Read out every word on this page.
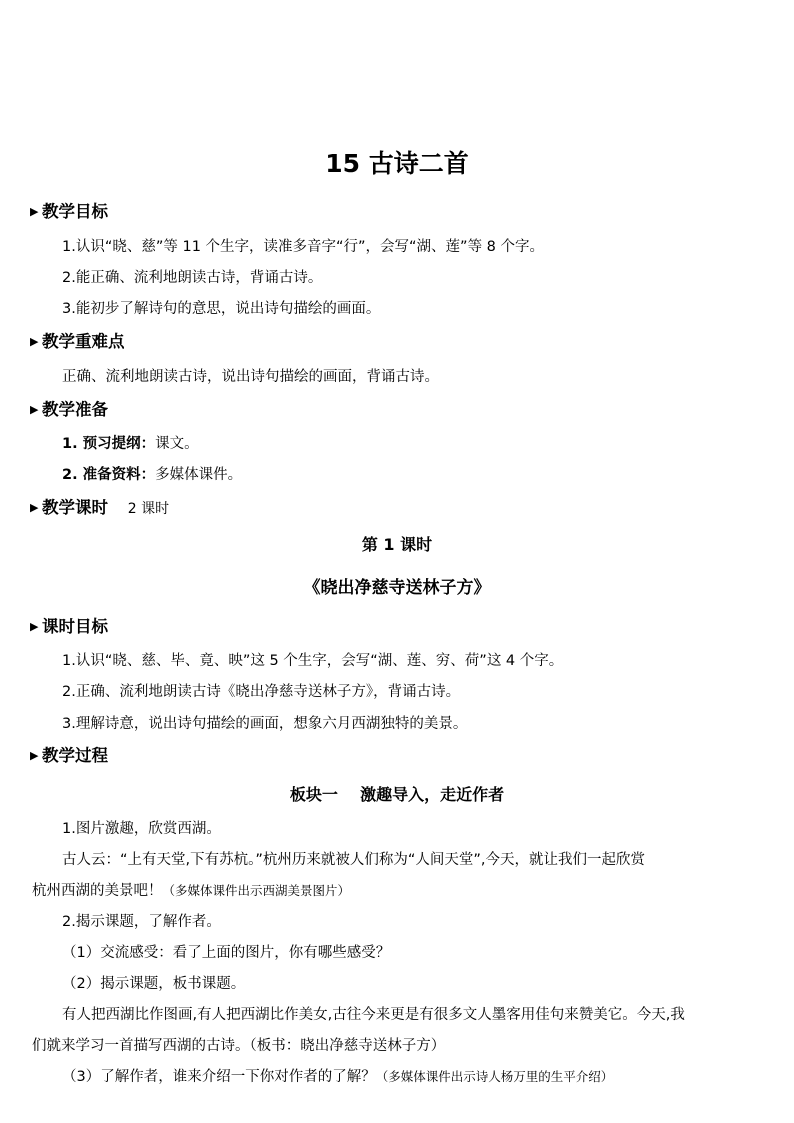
15 古诗二首
▶ 教学目标
1.认识“晓、慈”等 11 个生字，读准多音字“行”，会写“湖、莲”等 8 个字。
2.能正确、流利地朗读古诗，背诵古诗。
3.能初步了解诗句的意思，说出诗句描绘的画面。
▶ 教学重难点
正确、流利地朗读古诗，说出诗句描绘的画面，背诵古诗。
▶ 教学准备
1. 预习提纲：课文。
2. 准备资料：多媒体课件。
▶ 教学课时 2 课时
第 1 课时
《晓出净慈寺送林子方》
▶ 课时目标
1.认识“晓、慈、毕、竟、映”这 5 个生字，会写“湖、莲、穷、荷”这 4 个字。
2.正确、流利地朗读古诗《晓出净慈寺送林子方》，背诵古诗。
3.理解诗意，说出诗句描绘的画面，想象六月西湖独特的美景。
▶ 教学过程
板块一    激趣导入，走近作者
1.图片激趣，欣赏西湖。
古人云：“上有天堂,下有苏杭。”杭州历来就被人们称为“人间天堂”,今天，就让我们一起欣赏
杭州西湖的美景吧！（多媒体课件出示西湖美景图片）
2.揭示课题，了解作者。
（1）交流感受：看了上面的图片，你有哪些感受？
（2）揭示课题，板书课题。
有人把西湖比作图画,有人把西湖比作美女,古往今来更是有很多文人墨客用佳句来赞美它。今天,我
们就来学习一首描写西湖的古诗。（板书：晓出净慈寺送林子方）
（3）了解作者，谁来介绍一下你对作者的了解？（多媒体课件出示诗人杨万里的生平介绍）
